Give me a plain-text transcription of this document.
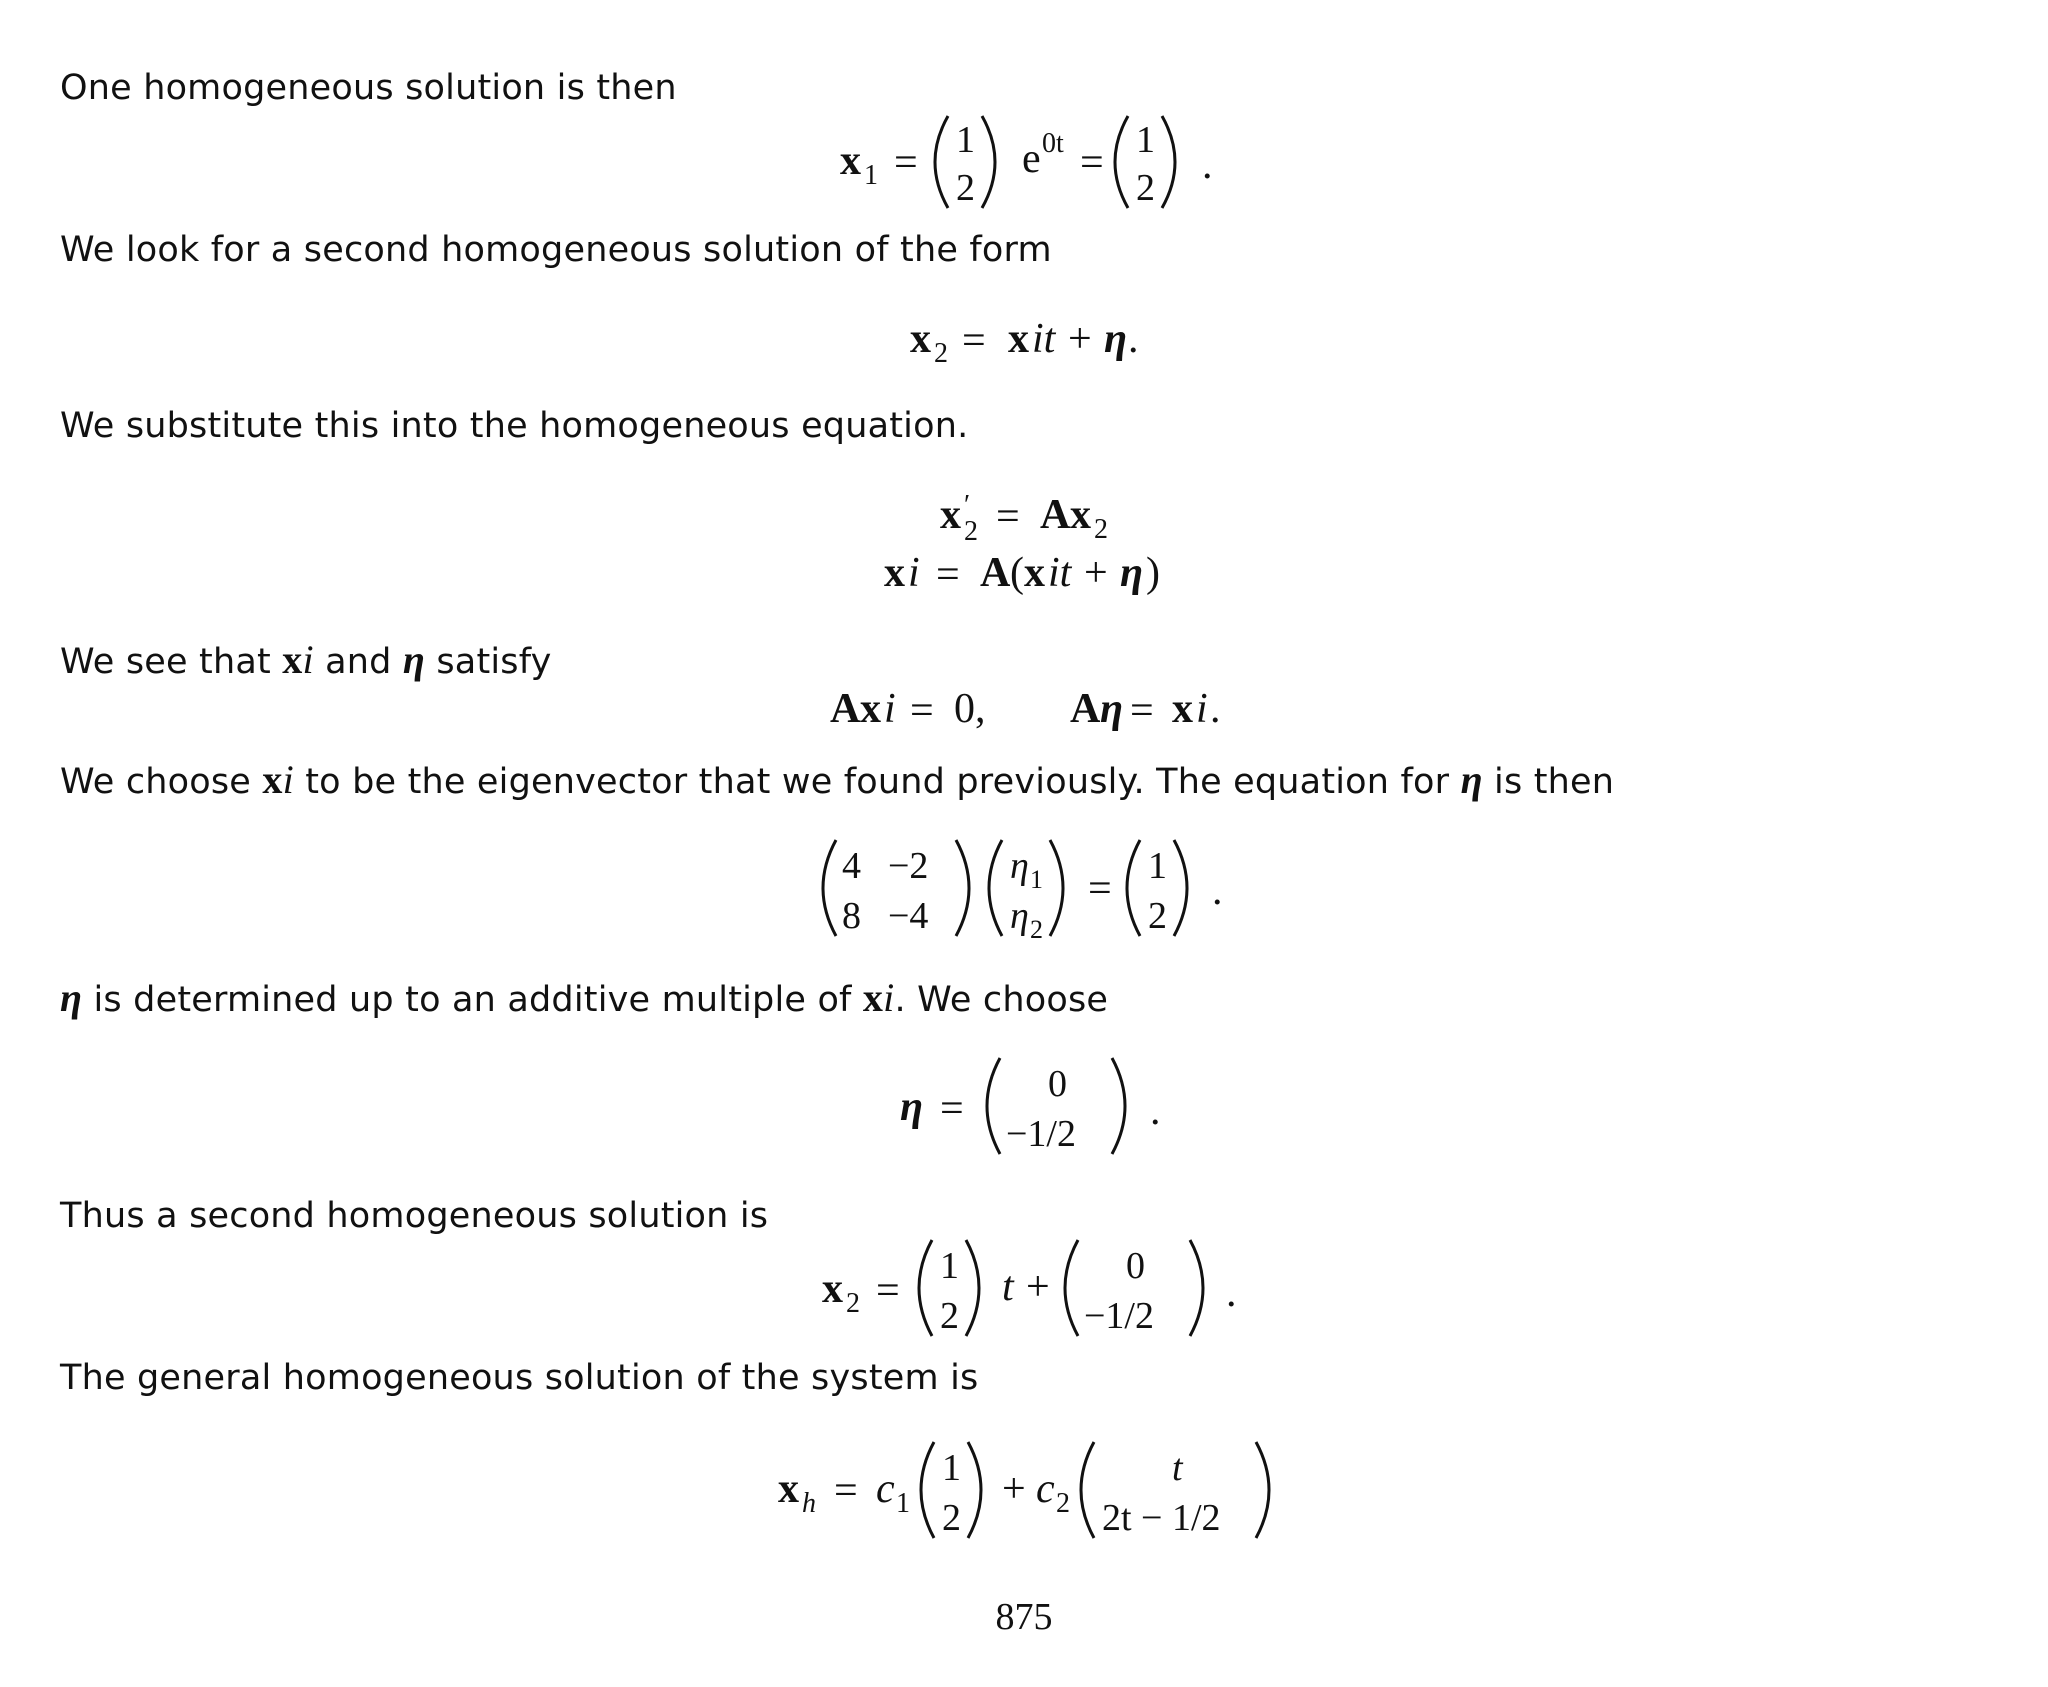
One homogeneous solution is then
x 1 = 1
2
e 0t = 1
2 .
We look for a second homogeneous solution of the form
x 2 = x it + η .
We substitute this into the homogeneous equation.
x ′
2 = A x 2
x i = A ( x it + η )
We see that xi and η satisfy
A x i = 0, A η = x i .
We choose xi to be the eigenvector that we found previously. The equation for η is then
4 −2
8 −4
η 1
η 2
= 1
2
.
η is determined up to an additive multiple of xi. We choose
η =
0
−1/2 .
Thus a second homogeneous solution is
x 2 =
1
2
t + 0
−1/2 .
The general homogeneous solution of the system is
x h = c 1
1
2
+ c 2
t
2t − 1/2
875
